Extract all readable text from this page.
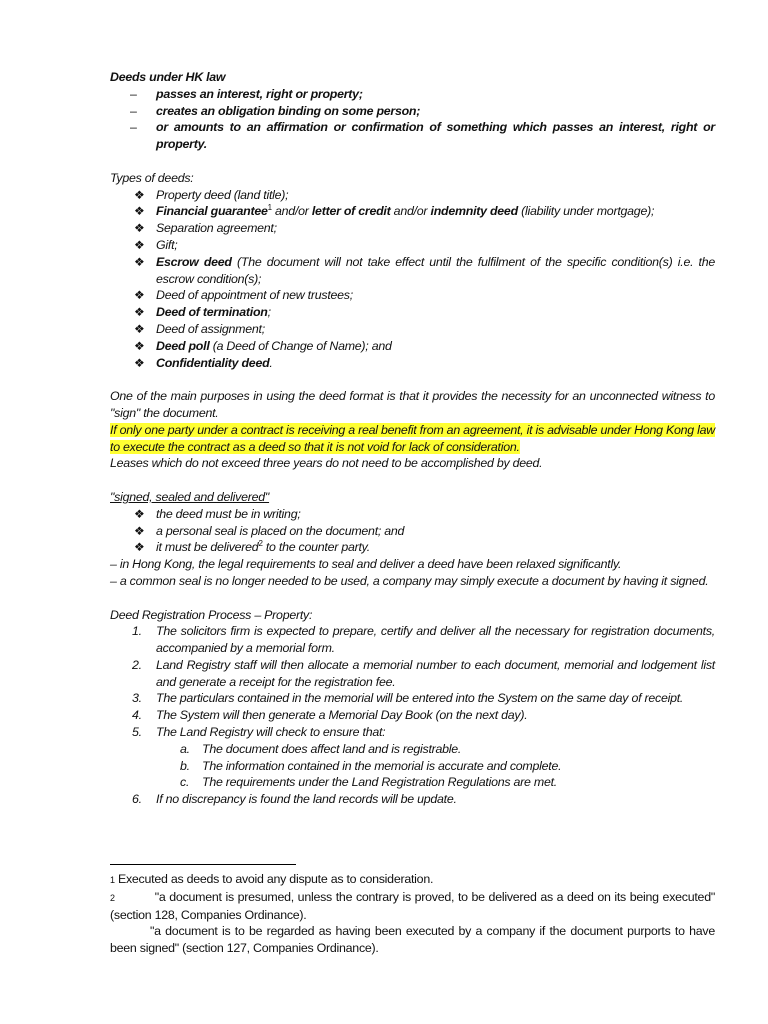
Deeds under HK law
– passes an interest, right or property;
– creates an obligation binding on some person;
– or amounts to an affirmation or confirmation of something which passes an interest, right or property.

Types of deeds:

❖ Property deed (land title);
❖ Financial guarantee$^1$ and/or letter of credit and/or indemnity deed (liability under mortgage);
❖ Separation agreement;
❖ Gift;
❖ Escrow deed (The document will not take effect until the fulfilment of the specific condition(s) i.e. the escrow condition(s);
❖ Deed of appointment of new trustees;
❖ Deed of termination;
❖ Deed of assignment;
❖ Deed poll (a Deed of Change of Name); and
❖ Confidentiality deed.

One of the main purposes in using the deed format is that it provides the necessity for an unconnected witness to "sign" the document.

If only one party under a contract is receiving a real benefit from an agreement, it is advisable under Hong Kong law to execute the contract as a deed so that it is not void for lack of consideration.

Leases which do not exceed three years do not need to be accomplished by deed.

"signed, sealed and delivered"

❖ the deed must be in writing;
❖ a personal seal is placed on the document; and
❖ it must be delivered$^2$ to the counter party.

– in Hong Kong, the legal requirements to seal and deliver a deed have been relaxed significantly.

– a common seal is no longer needed to be used, a company may simply execute a document by having it signed.

Deed Registration Process – Property:

1. The solicitors firm is expected to prepare, certify and deliver all the necessary for registration documents, accompanied by a memorial form.
2. Land Registry staff will then allocate a memorial number to each document, memorial and lodgement list and generate a receipt for the registration fee.
3. The particulars contained in the memorial will be entered into the System on the same day of receipt.
4. The System will then generate a Memorial Day Book (on the next day).
5. The Land Registry will check to ensure that:
a. The document does affect land and is registrable.
b. The information contained in the memorial is accurate and complete.
c. The requirements under the Land Registration Regulations are met.
6. If no discrepancy is found the land records will be update.
1 Executed as deeds to avoid any dispute as to consideration.
2	"a document is presumed, unless the contrary is proved, to be delivered as a deed on its being executed" (section 128, Companies Ordinance).
"a document is to be regarded as having been executed by a company if the document purports to have been signed" (section 127, Companies Ordinance).
